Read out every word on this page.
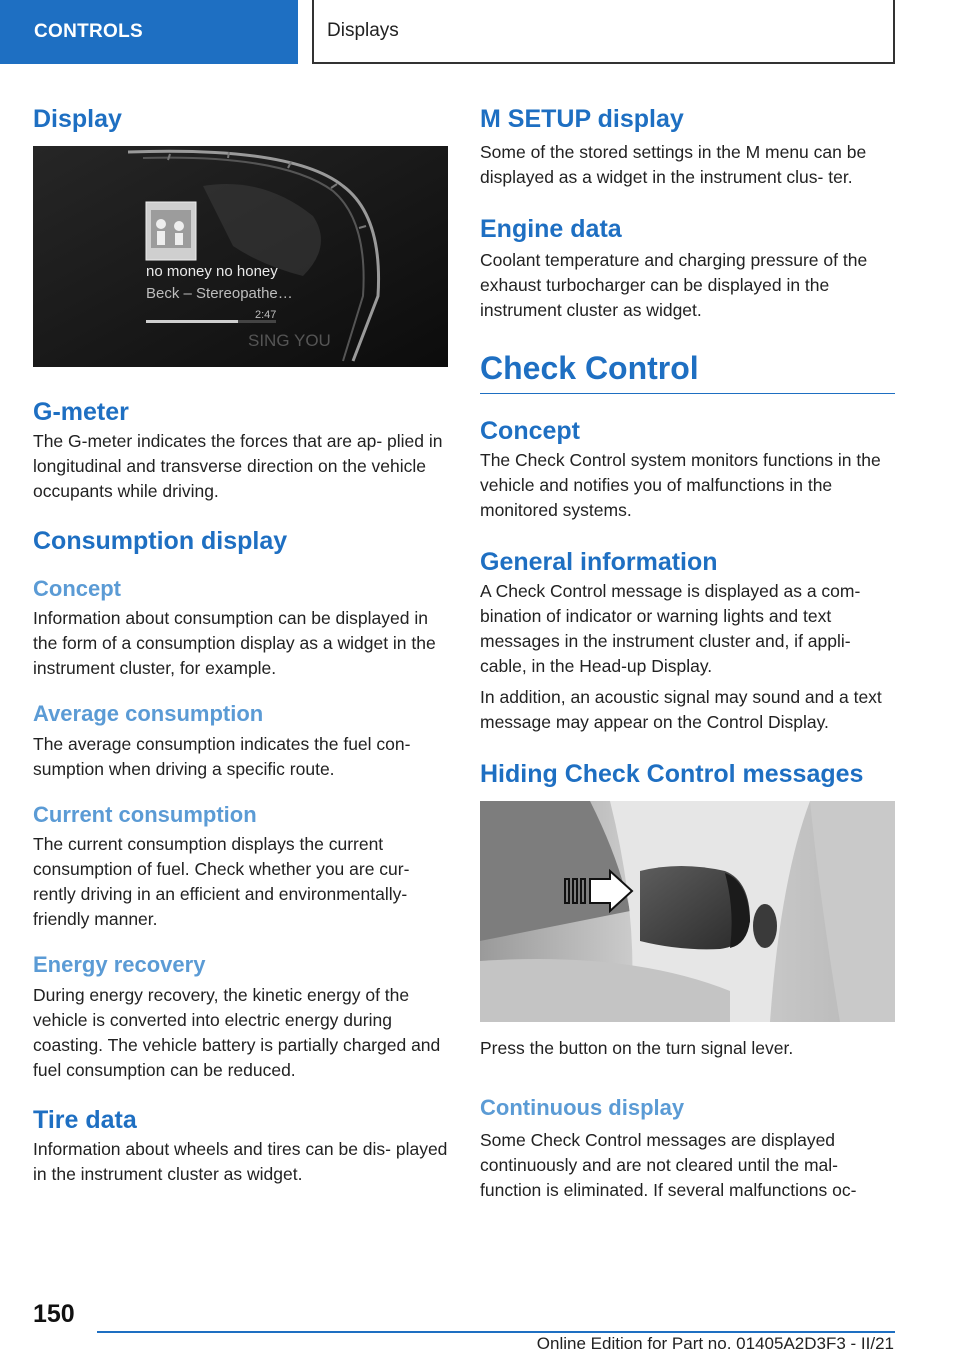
CONTROLS	Displays
Display
no money no honey
Beck – Stereopathe…
2:47
SING YOU
G-meter

The G-meter indicates the forces that are ap‐ plied in longitudinal and transverse direction on the vehicle occupants while driving.

Consumption display
Concept

Information about consumption can be displayed in the form of a consumption display as a widget in the instrument cluster, for example.

Average consumption

The average consumption indicates the fuel con‐ sumption when driving a specific route.

Current consumption

The current consumption displays the current consumption of fuel. Check whether you are cur‐ rently driving in an efficient and environmentally- friendly manner.

Energy recovery

During energy recovery, the kinetic energy of the vehicle is converted into electric energy during coasting. The vehicle battery is partially charged and fuel consumption can be reduced.

Tire data

Information about wheels and tires can be dis‐ played in the instrument cluster as widget.

M SETUP display

Some of the stored settings in the M menu can be displayed as a widget in the instrument clus‐ ter.

Engine data

Coolant temperature and charging pressure of the exhaust turbocharger can be displayed in the instrument cluster as widget.

Check Control
Concept

The Check Control system monitors functions in the vehicle and notifies you of malfunctions in the monitored systems.

General information

A Check Control message is displayed as a com‐ bination of indicator or warning lights and text messages in the instrument cluster and, if appli‐ cable, in the Head-up Display.

In addition, an acoustic signal may sound and a text message may appear on the Control Display.

Hiding Check Control messages

Press the button on the turn signal lever.

Continuous display

Some Check Control messages are displayed continuously and are not cleared until the mal‐ function is eliminated. If several malfunctions oc‐

150
Online Edition for Part no. 01405A2D3F3 - II/21
